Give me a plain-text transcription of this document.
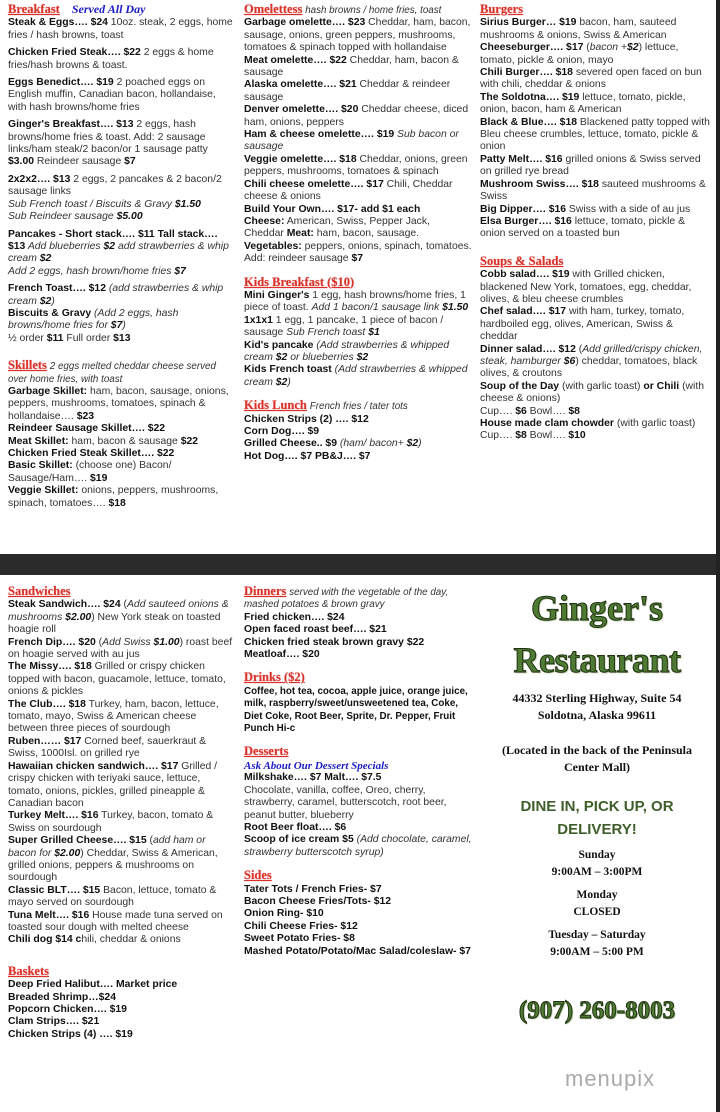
Breakfast Served All Day
Steak & Eggs…. $24 10oz. steak, 2 eggs, home fries / hash browns, toast
Chicken Fried Steak…. $22 2 eggs & home fries/hash browns & toast.
Eggs Benedict…. $19 2 poached eggs on English muffin, Canadian bacon, hollandaise, with hash browns/home fries
Ginger's Breakfast…. $13 2 eggs, hash browns/home fries & toast. Add: 2 sausage links/ham steak/2 bacon/or 1 sausage patty $3.00 Reindeer sausage $7
2x2x2…. $13 2 eggs, 2 pancakes & 2 bacon/2 sausage links
Sub French toast / Biscuits & Gravy $1.50
Sub Reindeer sausage $5.00
Pancakes - Short stack…. $11 Tall stack…. $13 Add blueberries $2 add strawberries & whip cream $2
Add 2 eggs, hash brown/home fries $7
French Toast…. $12 (add strawberries & whip cream $2)
Biscuits & Gravy (Add 2 eggs, hash browns/home fries for $7)
½ order $11 Full order $13
Skillets 2 eggs melted cheddar cheese served over home fries, with toast
Garbage Skillet: ham, bacon, sausage, onions, peppers, mushrooms, tomatoes, spinach & hollandaise…. $23
Reindeer Sausage Skillet…. $22
Meat Skillet: ham, bacon & sausage $22
Chicken Fried Steak Skillet…. $22
Basic Skillet: (choose one) Bacon/ Sausage/Ham…. $19
Veggie Skillet: onions, peppers, mushrooms, spinach, tomatoes…. $18
Omelettess hash browns / home fries, toast
Garbage omelette…. $23 Cheddar, ham, bacon, sausage, onions, green peppers, mushrooms, tomatoes & spinach topped with hollandaise
Meat omelette…. $22 Cheddar, ham, bacon & sausage
Alaska omelette…. $21 Cheddar & reindeer sausage
Denver omelette…. $20 Cheddar cheese, diced ham, onions, peppers
Ham & cheese omelette…. $19 Sub bacon or sausage
Veggie omelette…. $18 Cheddar, onions, green peppers, mushrooms, tomatoes & spinach
Chili cheese omelette…. $17 Chili, Cheddar cheese & onions
Build Your Own…. $17- add $1 each
Cheese: American, Swiss, Pepper Jack, Cheddar Meat: ham, bacon, sausage.
Vegetables: peppers, onions, spinach, tomatoes. Add: reindeer sausage $7
Kids Breakfast ($10)
Mini Ginger's 1 egg, hash browns/home fries, 1 piece of toast. Add 1 bacon/1 sausage link $1.50
1x1x1 1 egg, 1 pancake, 1 piece of bacon / sausage Sub French toast $1
Kid's pancake (Add strawberries & whipped cream $2 or blueberries $2
Kids French toast (Add strawberries & whipped cream $2)
Kids Lunch French fries / tater tots
Chicken Strips (2) …. $12
Corn Dog…. $9
Grilled Cheese.. $9 (ham/ bacon+ $2)
Hot Dog…. $7 PB&J…. $7
Burgers
Sirius Burger… $19 bacon, ham, sauteed mushrooms & onions, Swiss & American
Cheeseburger…. $17 (bacon +$2) lettuce, tomato, pickle & onion, mayo
Chili Burger…. $18 severed open faced on bun with chili, cheddar & onions
The Soldotna…. $19 lettuce, tomato, pickle, onion, bacon, ham & American
Black & Blue…. $18 Blackened patty topped with Bleu cheese crumbles, lettuce, tomato, pickle & onion
Patty Melt…. $16 grilled onions & Swiss served on grilled rye bread
Mushroom Swiss…. $18 sauteed mushrooms & Swiss
Big Dipper…. $16 Swiss with a side of au jus
Elsa Burger…. $16 lettuce, tomato, pickle & onion served on a toasted bun
Soups & Salads
Cobb salad…. $19 with Grilled chicken, blackened New York, tomatoes, egg, cheddar, olives, & bleu cheese crumbles
Chef salad…. $17 with ham, turkey, tomato, hardboiled egg, olives, American, Swiss & cheddar
Dinner salad…. $12 (Add grilled/crispy chicken, steak, hamburger $6) cheddar, tomatoes, black olives, & croutons
Soup of the Day (with garlic toast) or Chili (with cheese & onions)
Cup…. $6 Bowl…. $8
House made clam chowder (with garlic toast)
Cup…. $8 Bowl…. $10
Sandwiches
Steak Sandwich…. $24 (Add sauteed onions & mushrooms $2.00) New York steak on toasted hoagie roll
French Dip…. $20 (Add Swiss $1.00) roast beef on hoagie served with au jus
The Missy…. $18 Grilled or crispy chicken topped with bacon, guacamole, lettuce, tomato, onions & pickles
The Club…. $18 Turkey, ham, bacon, lettuce, tomato, mayo, Swiss & American cheese between three pieces of sourdough
Ruben…… $17 Corned beef, sauerkraut & Swiss, 1000Isl. on grilled rye
Hawaiian chicken sandwich…. $17 Grilled / crispy chicken with teriyaki sauce, lettuce, tomato, onions, pickles, grilled pineapple & Canadian bacon
Turkey Melt…. $16 Turkey, bacon, tomato & Swiss on sourdough
Super Grilled Cheese…. $15 (add ham or bacon for $2.00) Cheddar, Swiss & American, grilled onions, peppers & mushrooms on sourdough
Classic BLT…. $15 Bacon, lettuce, tomato & mayo served on sourdough
Tuna Melt…. $16 House made tuna served on toasted sour dough with melted cheese
Chili dog $14 chili, cheddar & onions
Baskets
Deep Fried Halibut…. Market price
Breaded Shrimp…$24
Popcorn Chicken…. $19
Clam Strips…. $21
Chicken Strips (4) …. $19
Dinners served with the vegetable of the day, mashed potatoes & brown gravy
Fried chicken…. $24
Open faced roast beef…. $21
Chicken fried steak brown gravy $22
Meatloaf…. $20
Drinks ($2)
Coffee, hot tea, cocoa, apple juice, orange juice, milk, raspberry/sweet/unsweetened tea, Coke, Diet Coke, Root Beer, Sprite, Dr. Pepper, Fruit Punch Hi-c
Desserts
Ask About Our Dessert Specials
Milkshake…. $7 Malt…. $7.5
Chocolate, vanilla, coffee, Oreo, cherry, strawberry, caramel, butterscotch, root beer, peanut butter, blueberry
Root Beer float…. $6
Scoop of ice cream $5 (Add chocolate, caramel, strawberry butterscotch syrup)
Sides
Tater Tots / French Fries- $7
Bacon Cheese Fries/Tots- $12
Onion Ring- $10
Chili Cheese Fries- $12
Sweet Potato Fries- $8
Mashed Potato/Potato/Mac Salad/coleslaw- $7
Ginger's
Restaurant
44332 Sterling Highway, Suite 54
Soldotna, Alaska 99611
(Located in the back of the Peninsula
Center Mall)
DINE IN, PICK UP, OR
DELIVERY!
Sunday
9:00AM – 3:00PM
Monday
CLOSED
Tuesday – Saturday
9:00AM – 5:00 PM
(907) 260-8003
menupix
